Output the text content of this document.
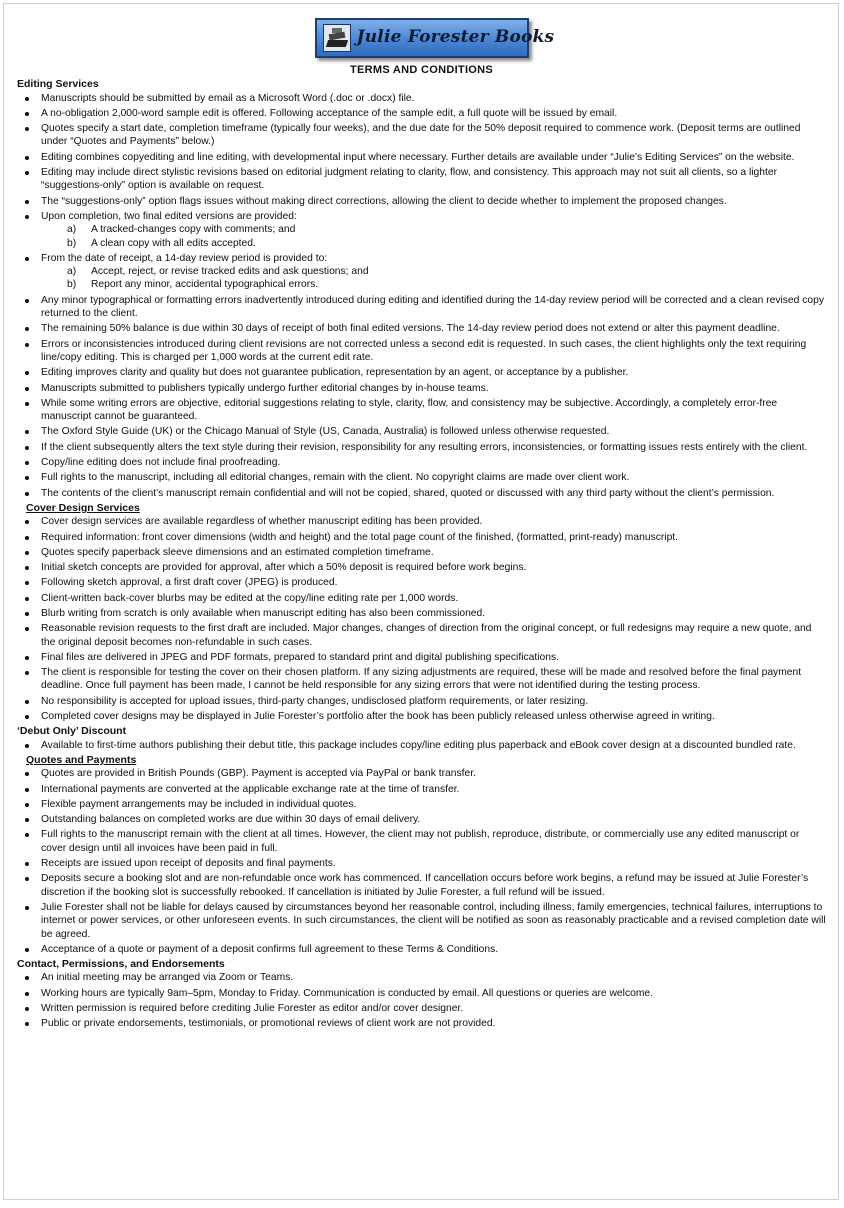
Julie Forester Books
TERMS AND CONDITIONS
Editing Services
Manuscripts should be submitted by email as a Microsoft Word (.doc or .docx) file.
A no-obligation 2,000-word sample edit is offered. Following acceptance of the sample edit, a full quote will be issued by email.
Quotes specify a start date, completion timeframe (typically four weeks), and the due date for the 50% deposit required to commence work. (Deposit terms are outlined under “Quotes and Payments” below.)
Editing combines copyediting and line editing, with developmental input where necessary. Further details are available under “Julie’s Editing Services” on the website.
Editing may include direct stylistic revisions based on editorial judgment relating to clarity, flow, and consistency. This approach may not suit all clients, so a lighter “suggestions-only” option is available on request.
The “suggestions-only” option flags issues without making direct corrections, allowing the client to decide whether to implement the proposed changes.
Upon completion, two final edited versions are provided:
a)	A tracked-changes copy with comments; and
b)	A clean copy with all edits accepted.
From the date of receipt, a 14-day review period is provided to:
a)	Accept, reject, or revise tracked edits and ask questions; and
b)	Report any minor, accidental typographical errors.
Any minor typographical or formatting errors inadvertently introduced during editing and identified during the 14-day review period will be corrected and a clean revised copy returned to the client.
The remaining 50% balance is due within 30 days of receipt of both final edited versions. The 14-day review period does not extend or alter this payment deadline.
Errors or inconsistencies introduced during client revisions are not corrected unless a second edit is requested. In such cases, the client highlights only the text requiring line/copy editing. This is charged per 1,000 words at the current edit rate.
Editing improves clarity and quality but does not guarantee publication, representation by an agent, or acceptance by a publisher.
Manuscripts submitted to publishers typically undergo further editorial changes by in-house teams.
While some writing errors are objective, editorial suggestions relating to style, clarity, flow, and consistency may be subjective. Accordingly, a completely error-free manuscript cannot be guaranteed.
The Oxford Style Guide (UK) or the Chicago Manual of Style (US, Canada, Australia) is followed unless otherwise requested.
If the client subsequently alters the text style during their revision, responsibility for any resulting errors, inconsistencies, or formatting issues rests entirely with the client.
Copy/line editing does not include final proofreading.
Full rights to the manuscript, including all editorial changes, remain with the client. No copyright claims are made over client work.
The contents of the client’s manuscript remain confidential and will not be copied, shared, quoted or discussed with any third party without the client’s permission.
Cover Design Services
Cover design services are available regardless of whether manuscript editing has been provided.
Required information: front cover dimensions (width and height) and the total page count of the finished, (formatted, print-ready) manuscript.
Quotes specify paperback sleeve dimensions and an estimated completion timeframe.
Initial sketch concepts are provided for approval, after which a 50% deposit is required before work begins.
Following sketch approval, a first draft cover (JPEG) is produced.
Client-written back-cover blurbs may be edited at the copy/line editing rate per 1,000 words.
Blurb writing from scratch is only available when manuscript editing has also been commissioned.
Reasonable revision requests to the first draft are included. Major changes, changes of direction from the original concept, or full redesigns may require a new quote, and the original deposit becomes non-refundable in such cases.
Final files are delivered in JPEG and PDF formats, prepared to standard print and digital publishing specifications.
The client is responsible for testing the cover on their chosen platform. If any sizing adjustments are required, these will be made and resolved before the final payment deadline. Once full payment has been made, I cannot be held responsible for any sizing errors that were not identified during the testing process.
No responsibility is accepted for upload issues, third-party changes, undisclosed platform requirements, or later resizing.
Completed cover designs may be displayed in Julie Forester’s portfolio after the book has been publicly released unless otherwise agreed in writing.
‘Debut Only’ Discount
Available to first-time authors publishing their debut title, this package includes copy/line editing plus paperback and eBook cover design at a discounted bundled rate.
Quotes and Payments
Quotes are provided in British Pounds (GBP). Payment is accepted via PayPal or bank transfer.
International payments are converted at the applicable exchange rate at the time of transfer.
Flexible payment arrangements may be included in individual quotes.
Outstanding balances on completed works are due within 30 days of email delivery.
Full rights to the manuscript remain with the client at all times. However, the client may not publish, reproduce, distribute, or commercially use any edited manuscript or cover design until all invoices have been paid in full.
Receipts are issued upon receipt of deposits and final payments.
Deposits secure a booking slot and are non-refundable once work has commenced. If cancellation occurs before work begins, a refund may be issued at Julie Forester’s discretion if the booking slot is successfully rebooked. If cancellation is initiated by Julie Forester, a full refund will be issued.
Julie Forester shall not be liable for delays caused by circumstances beyond her reasonable control, including illness, family emergencies, technical failures, interruptions to internet or power services, or other unforeseen events. In such circumstances, the client will be notified as soon as reasonably practicable and a revised completion date will be agreed.
Acceptance of a quote or payment of a deposit confirms full agreement to these Terms & Conditions.
Contact, Permissions, and Endorsements
An initial meeting may be arranged via Zoom or Teams.
Working hours are typically 9am–5pm, Monday to Friday. Communication is conducted by email. All questions or queries are welcome.
Written permission is required before crediting Julie Forester as editor and/or cover designer.
Public or private endorsements, testimonials, or promotional reviews of client work are not provided.
